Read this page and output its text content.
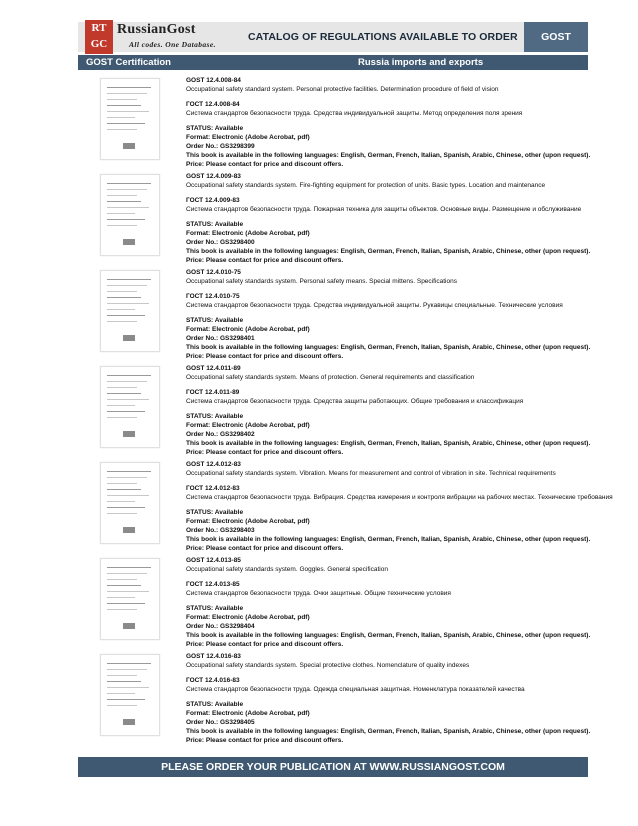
RT GC
RussianGost
All codes. One Database.
CATALOG OF REGULATIONS AVAILABLE TO ORDER	GOST
GOST Certification	Russia imports and exports
GOST 12.4.008-84
Occupational safety standard system. Personal protective facilities. Determination procedure of field of vision
ГОСТ 12.4.008-84
Система стандартов безопасности труда. Средства индивидуальной защиты. Метод определения поля зрения
STATUS: Available
Format: Electronic (Adobe Acrobat, pdf)
Order No.: GS3298399
This book is available in the following languages: English, German, French, Italian, Spanish, Arabic, Chinese, other (upon request).
Price: Please contact for price and discount offers.
GOST 12.4.009-83
Occupational safety standards system. Fire-fighting equipment for protection of units. Basic types. Location and maintenance
ГОСТ 12.4.009-83
Система стандартов безопасности труда. Пожарная техника для защиты объектов. Основные виды. Размещение и обслуживание
STATUS: Available
Format: Electronic (Adobe Acrobat, pdf)
Order No.: GS3298400
This book is available in the following languages: English, German, French, Italian, Spanish, Arabic, Chinese, other (upon request).
Price: Please contact for price and discount offers.
GOST 12.4.010-75
Occupational safety standards system. Personal safety means. Special mittens. Specifications
ГОСТ 12.4.010-75
Система стандартов безопасности труда. Средства индивидуальной защиты. Рукавицы специальные. Технические условия
STATUS: Available
Format: Electronic (Adobe Acrobat, pdf)
Order No.: GS3298401
This book is available in the following languages: English, German, French, Italian, Spanish, Arabic, Chinese, other (upon request).
Price: Please contact for price and discount offers.
GOST 12.4.011-89
Occupational safety standards system. Means of protection. General requirements and classification
ГОСТ 12.4.011-89
Система стандартов безопасности труда. Средства защиты работающих. Общие требования и классификация
STATUS: Available
Format: Electronic (Adobe Acrobat, pdf)
Order No.: GS3298402
This book is available in the following languages: English, German, French, Italian, Spanish, Arabic, Chinese, other (upon request).
Price: Please contact for price and discount offers.
GOST 12.4.012-83
Occupational safety standards system. Vibration. Means for measurement and control of vibration in site. Technical requirements
ГОСТ 12.4.012-83
Система стандартов безопасности труда. Вибрация. Средства измерения и контроля вибрации на рабочих местах. Технические требования
STATUS: Available
Format: Electronic (Adobe Acrobat, pdf)
Order No.: GS3298403
This book is available in the following languages: English, German, French, Italian, Spanish, Arabic, Chinese, other (upon request).
Price: Please contact for price and discount offers.
GOST 12.4.013-85
Occupational safety standards system. Goggles. General specification
ГОСТ 12.4.013-85
Система стандартов безопасности труда. Очки защитные. Общие технические условия
STATUS: Available
Format: Electronic (Adobe Acrobat, pdf)
Order No.: GS3298404
This book is available in the following languages: English, German, French, Italian, Spanish, Arabic, Chinese, other (upon request).
Price: Please contact for price and discount offers.
GOST 12.4.016-83
Occupational safety standards system. Special protective clothes. Nomenclature of quality indexes
ГОСТ 12.4.016-83
Система стандартов безопасности труда. Одежда специальная защитная. Номенклатура показателей качества
STATUS: Available
Format: Electronic (Adobe Acrobat, pdf)
Order No.: GS3298405
This book is available in the following languages: English, German, French, Italian, Spanish, Arabic, Chinese, other (upon request).
Price: Please contact for price and discount offers.
PLEASE ORDER YOUR PUBLICATION AT WWW.RUSSIANGOST.COM
